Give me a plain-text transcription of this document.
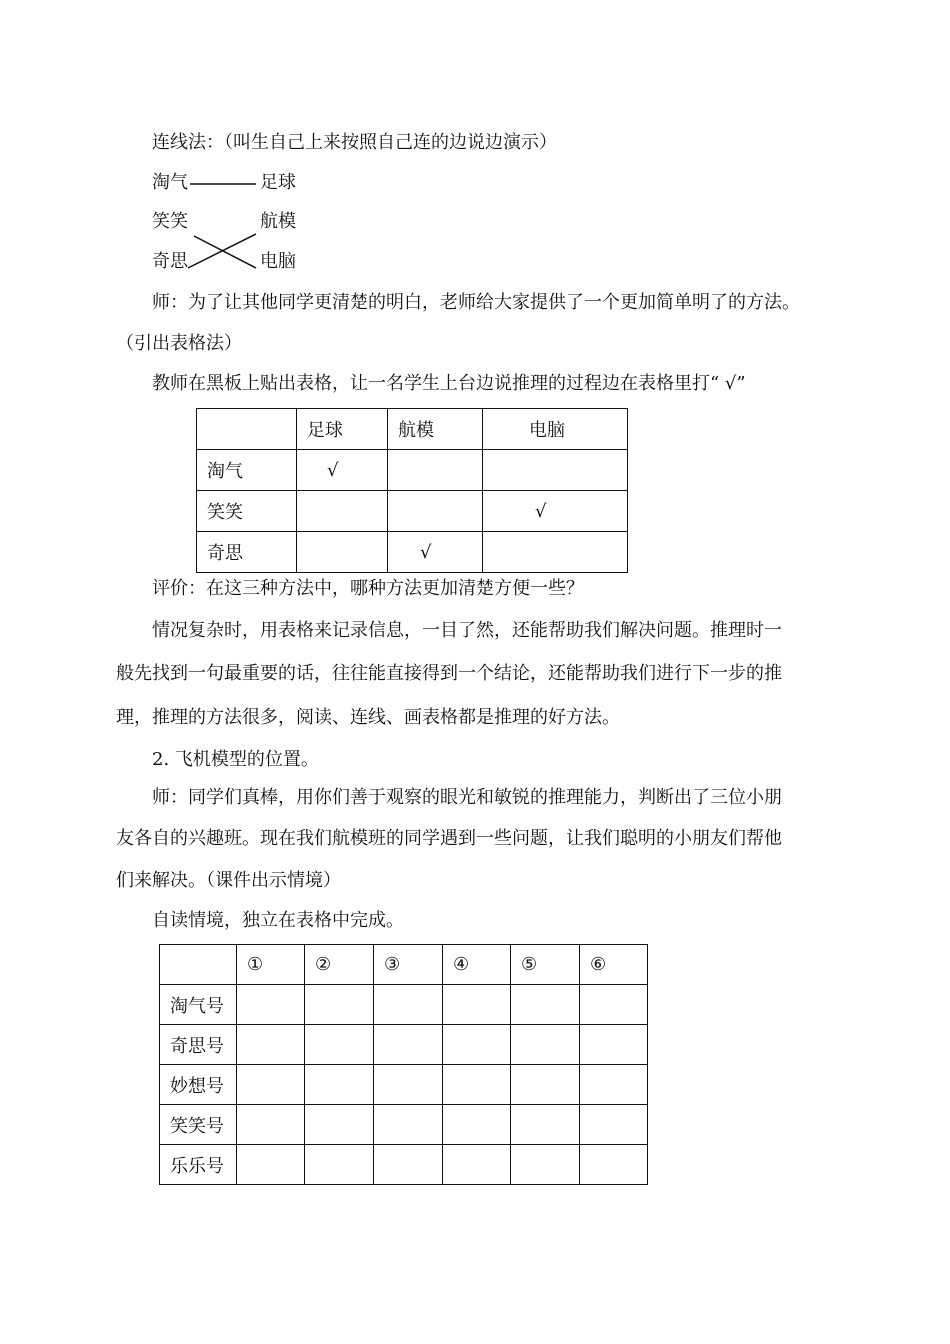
连线法：（叫生自己上来按照自己连的边说边演示）
淘气
笑笑
奇思
足球
航模
电脑
师：为了让其他同学更清楚的明白，老师给大家提供了一个更加简单明了的方法。
（引出表格法）
教师在黑板上贴出表格，让一名学生上台边说推理的过程边在表格里打“ √”
	足球	航模	电脑
淘气	√		
笑笑			√
奇思		√	
评价：在这三种方法中，哪种方法更加清楚方便一些？
情况复杂时，用表格来记录信息，一目了然，还能帮助我们解决问题。推理时一
般先找到一句最重要的话，往往能直接得到一个结论，还能帮助我们进行下一步的推
理，推理的方法很多，阅读、连线、画表格都是推理的好方法。
2. 飞机模型的位置。
师：同学们真棒，用你们善于观察的眼光和敏锐的推理能力，判断出了三位小朋
友各自的兴趣班。现在我们航模班的同学遇到一些问题，让我们聪明的小朋友们帮他
们来解决。（课件出示情境）
自读情境，独立在表格中完成。
	①	②	③	④	⑤	⑥
淘气号						
奇思号						
妙想号						
笑笑号						
乐乐号						
